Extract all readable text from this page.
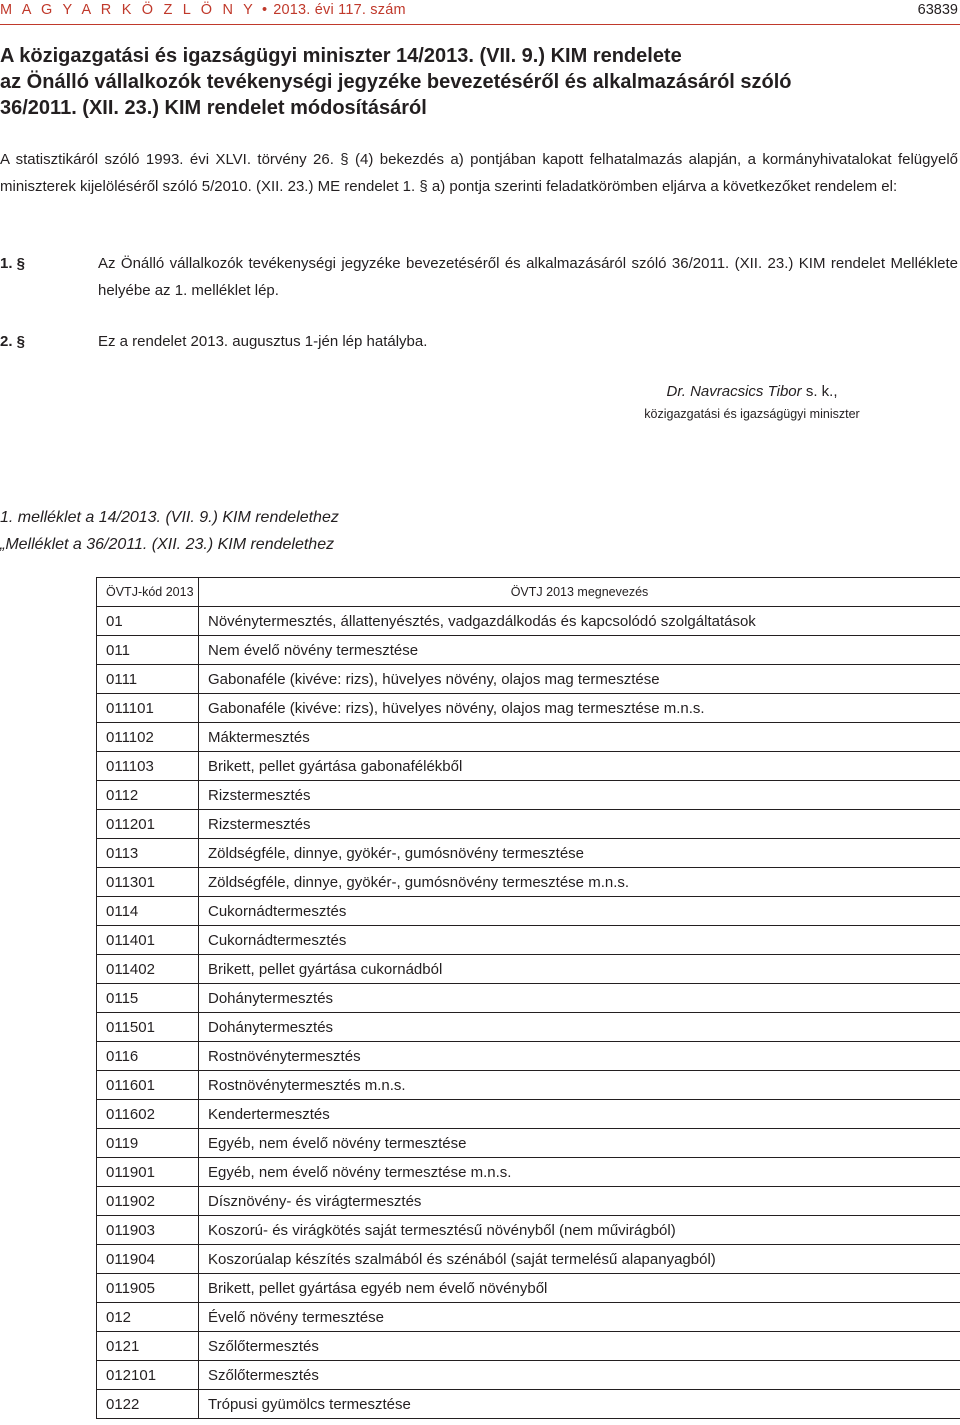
M A G Y A R K Ö Z L Ö N Y • 2013. évi 117. szám	63839
A közigazgatási és igazságügyi miniszter 14/2013. (VII. 9.) KIM rendelete
az Önálló vállalkozók tevékenységi jegyzéke bevezetéséről és alkalmazásáról szóló
36/2011. (XII. 23.) KIM rendelet módosításáról
A statisztikáról szóló 1993. évi XLVI. törvény 26. § (4) bekezdés a) pontjában kapott felhatalmazás alapján, a kormányhivatalokat felügyelő miniszterek kijelöléséről szóló 5/2010. (XII. 23.) ME rendelet 1. § a) pontja szerinti feladatkörömben eljárva a következőket rendelem el:
1. §	Az Önálló vállalkozók tevékenységi jegyzéke bevezetéséről és alkalmazásáról szóló 36/2011. (XII. 23.) KIM rendelet Melléklete helyébe az 1. melléklet lép.
2. §	Ez a rendelet 2013. augusztus 1-jén lép hatályba.
Dr. Navracsics Tibor s. k.,
közigazgatási és igazságügyi miniszter
1. melléklet a 14/2013. (VII. 9.) KIM rendelethez
„Melléklet a 36/2011. (XII. 23.) KIM rendelethez
ÖVTJ-kód 2013	ÖVTJ 2013 megnevezés
01	Növénytermesztés, állattenyésztés, vadgazdálkodás és kapcsolódó szolgáltatások
011	Nem évelő növény termesztése
0111	Gabonaféle (kivéve: rizs), hüvelyes növény, olajos mag termesztése
011101	Gabonaféle (kivéve: rizs), hüvelyes növény, olajos mag termesztése m.n.s.
011102	Máktermesztés
011103	Brikett, pellet gyártása gabonafélékből
0112	Rizstermesztés
011201	Rizstermesztés
0113	Zöldségféle, dinnye, gyökér-, gumósnövény termesztése
011301	Zöldségféle, dinnye, gyökér-, gumósnövény termesztése m.n.s.
0114	Cukornádtermesztés
011401	Cukornádtermesztés
011402	Brikett, pellet gyártása cukornádból
0115	Dohánytermesztés
011501	Dohánytermesztés
0116	Rostnövénytermesztés
011601	Rostnövénytermesztés m.n.s.
011602	Kendertermesztés
0119	Egyéb, nem évelő növény termesztése
011901	Egyéb, nem évelő növény termesztése m.n.s.
011902	Dísznövény- és virágtermesztés
011903	Koszorú- és virágkötés saját termesztésű növényből (nem művirágból)
011904	Koszorúalap készítés szalmából és szénából (saját termelésű alapanyagból)
011905	Brikett, pellet gyártása egyéb nem évelő növényből
012	Évelő növény termesztése
0121	Szőlőtermesztés
012101	Szőlőtermesztés
0122	Trópusi gyümölcs termesztése
